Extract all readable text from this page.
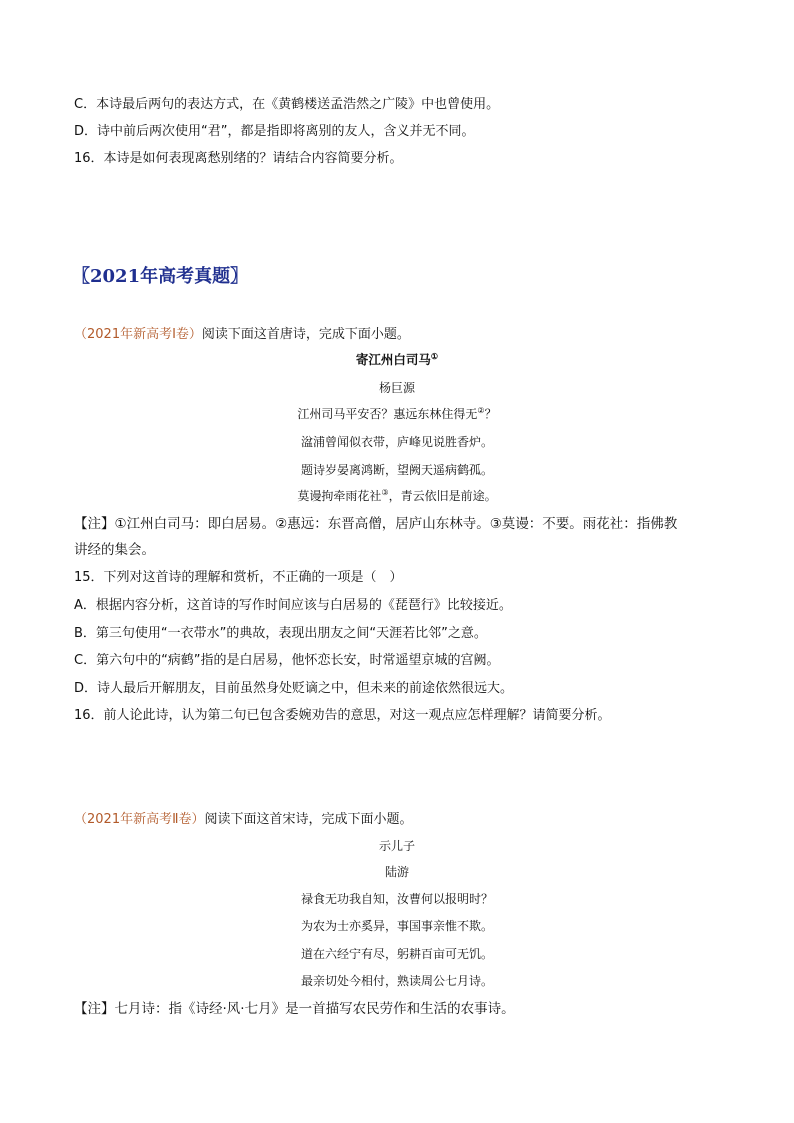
C．本诗最后两句的表达方式，在《黄鹤楼送孟浩然之广陵》中也曾使用。
D．诗中前后两次使用“君”，都是指即将离别的友人，含义并无不同。
16．本诗是如何表现离愁别绪的？请结合内容简要分析。
〖2021年高考真题〗
（2021年新高考Ⅰ卷）阅读下面这首唐诗，完成下面小题。
寄江州白司马①
杨巨源
江州司马平安否？惠远东林住得无②？
湓浦曾闻似衣带，庐峰见说胜香炉。
题诗岁晏离鸿断，望阙天遥病鹤孤。
莫谩拘牵雨花社③，青云依旧是前途。
【注】①江州白司马：即白居易。②惠远：东晋高僧，居庐山东林寺。③莫谩：不要。雨花社：指佛教
讲经的集会。
15．下列对这首诗的理解和赏析，不正确的一项是（　）
A．根据内容分析，这首诗的写作时间应该与白居易的《琵琶行》比较接近。
B．第三句使用“一衣带水”的典故，表现出朋友之间“天涯若比邻”之意。
C．第六句中的“病鹤”指的是白居易，他怀恋长安，时常遥望京城的宫阙。
D．诗人最后开解朋友，目前虽然身处贬谪之中，但未来的前途依然很远大。
16．前人论此诗，认为第二句已包含委婉劝告的意思，对这一观点应怎样理解？请简要分析。
（2021年新高考Ⅱ卷）阅读下面这首宋诗，完成下面小题。
示儿子
陆游
禄食无功我自知，汝曹何以报明时？
为农为士亦奚异，事国事亲惟不欺。
道在六经宁有尽，躬耕百亩可无饥。
最亲切处今相付，熟读周公七月诗。
【注】七月诗：指《诗经·风·七月》是一首描写农民劳作和生活的农事诗。
